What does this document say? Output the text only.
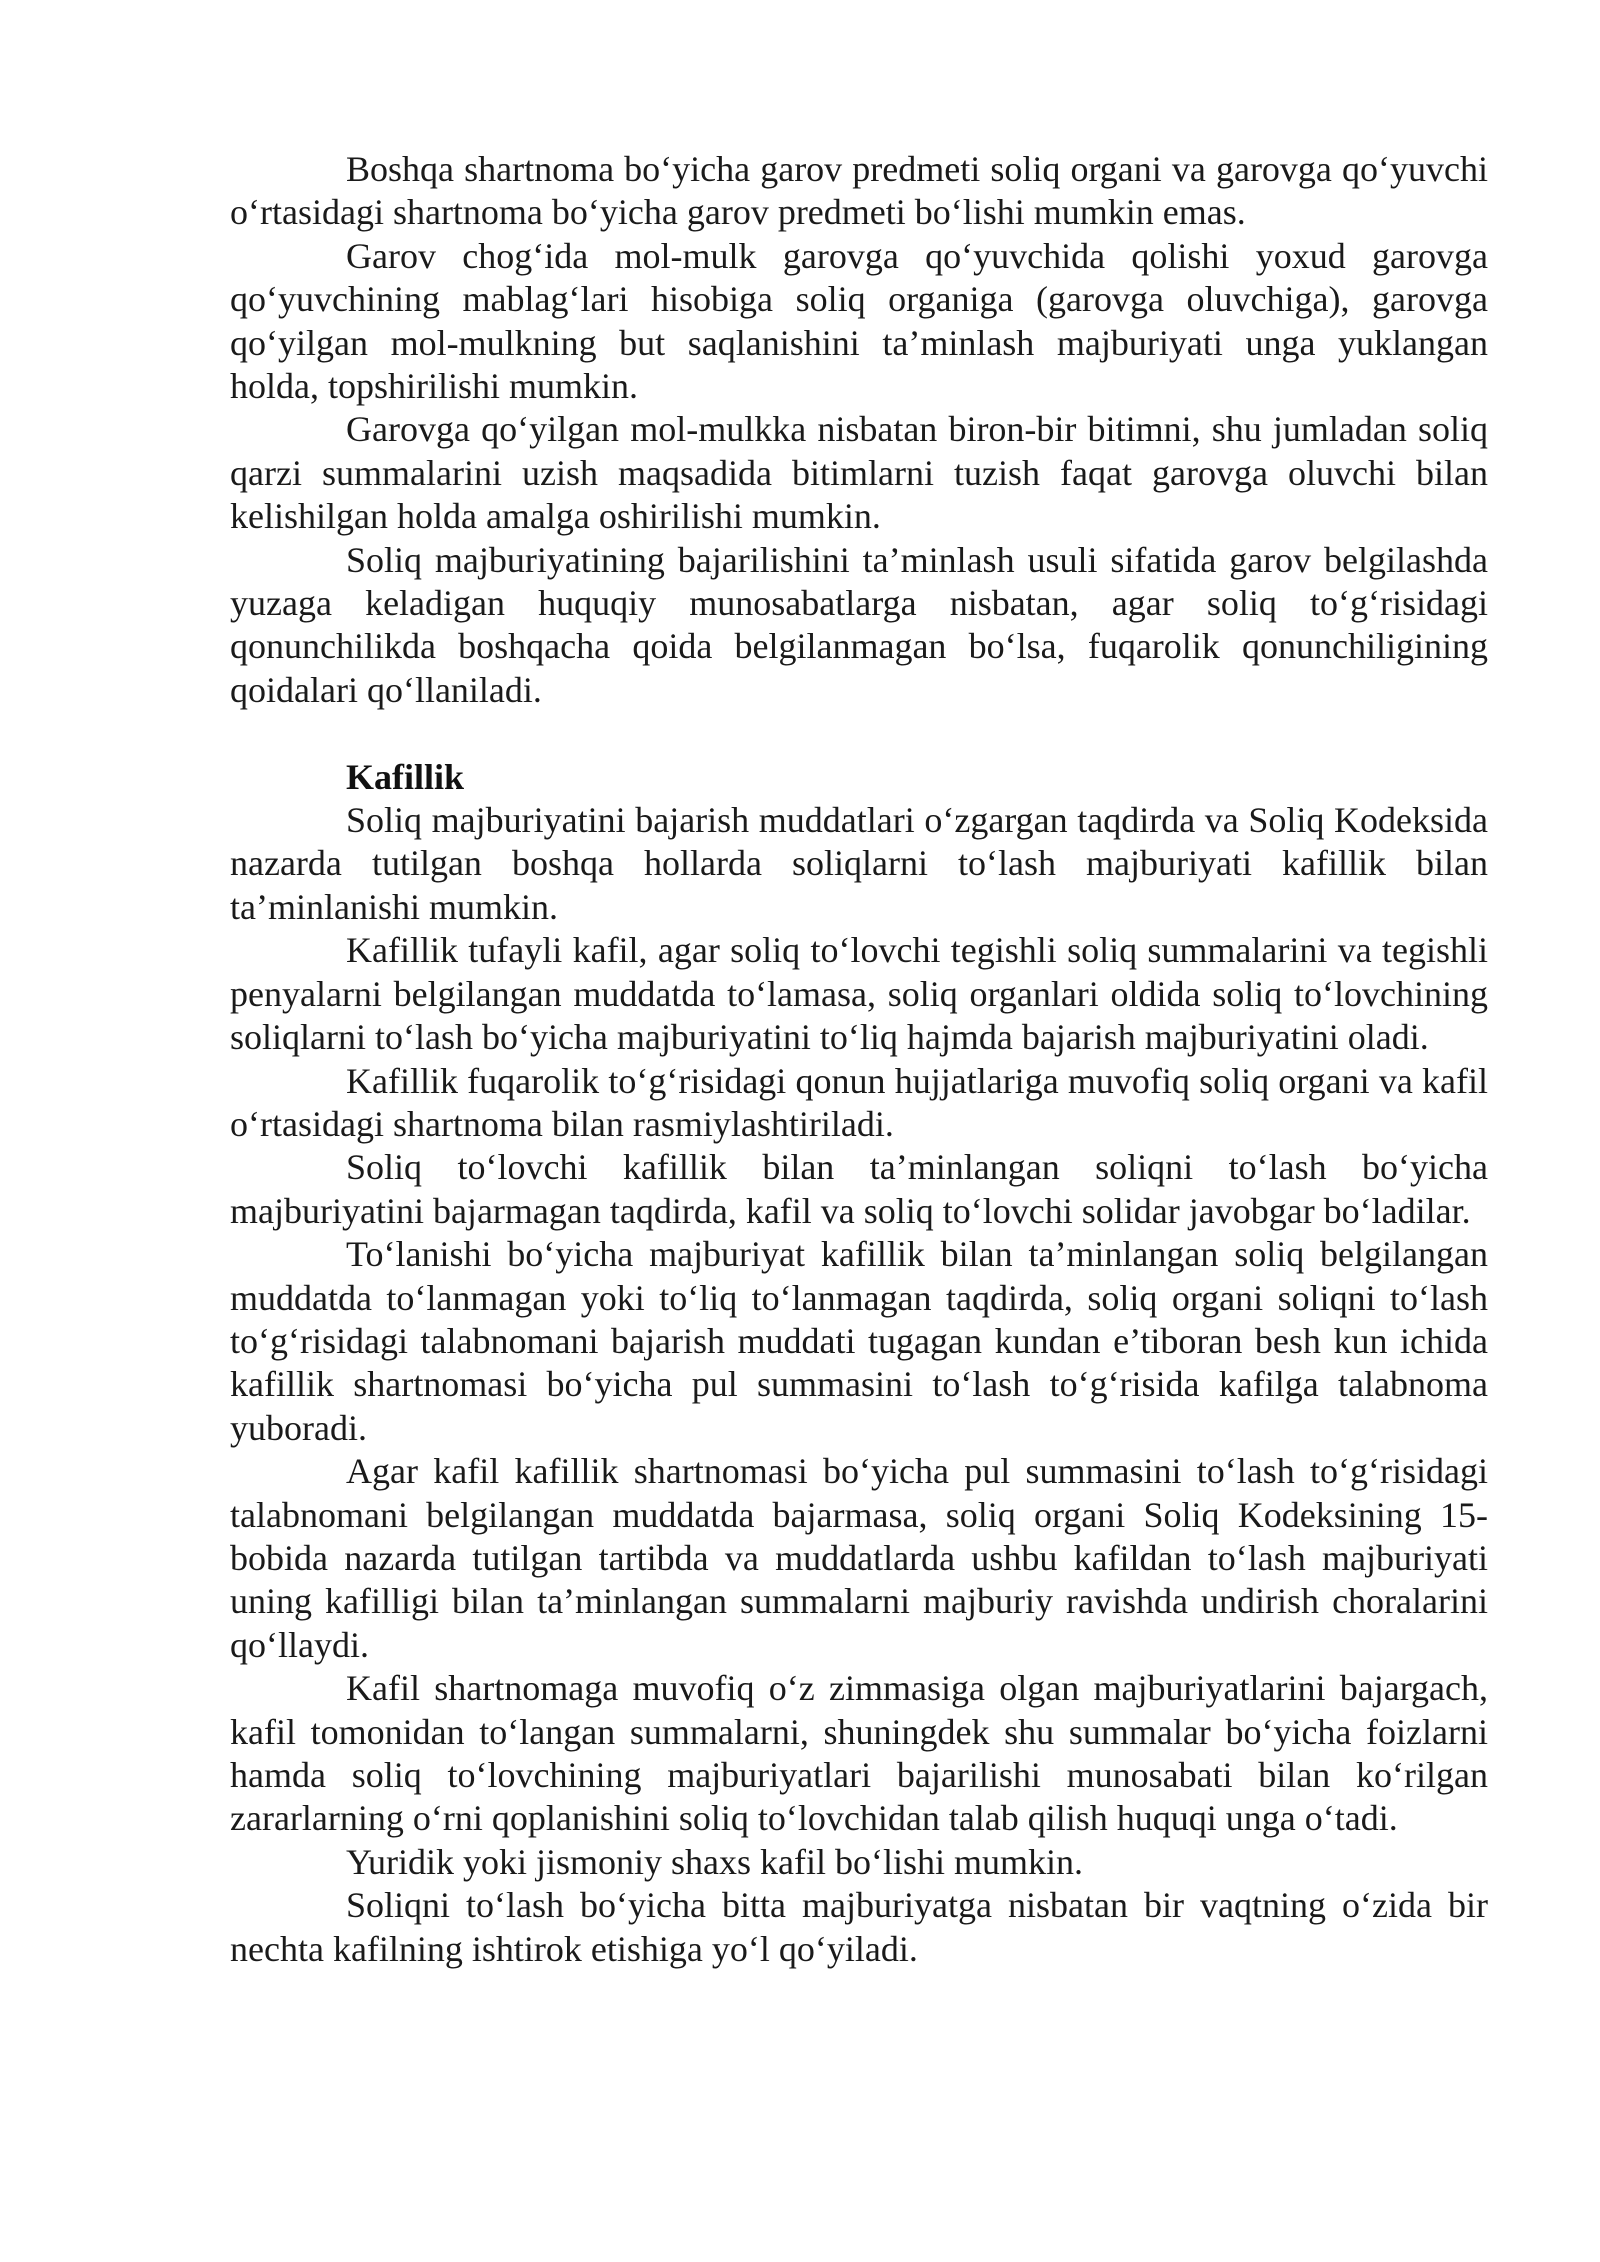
Boshqa shartnoma bo‘yicha garov predmeti soliq organi va garovga qo‘yuvchi o‘rtasidagi shartnoma bo‘yicha garov predmeti bo‘lishi mumkin emas.

Garov chog‘ida mol-mulk garovga qo‘yuvchida qolishi yoxud garovga qo‘yuvchining mablag‘lari hisobiga soliq organiga (garovga oluvchiga), garovga qo‘yilgan mol-mulkning but saqlanishini ta’minlash majburiyati unga yuklangan holda, topshirilishi mumkin.

Garovga qo‘yilgan mol-mulkka nisbatan biron-bir bitimni, shu jumladan soliq qarzi summalarini uzish maqsadida bitimlarni tuzish faqat garovga oluvchi bilan kelishilgan holda amalga oshirilishi mumkin.

Soliq majburiyatining bajarilishini ta’minlash usuli sifatida garov belgilashda yuzaga keladigan huquqiy munosabatlarga nisbatan, agar soliq to‘g‘risidagi qonunchilikda boshqacha qoida belgilanmagan bo‘lsa, fuqarolik qonunchiligining qoidalari qo‘llaniladi.

Kafillik

Soliq majburiyatini bajarish muddatlari o‘zgargan taqdirda va Soliq Kodeksida nazarda tutilgan boshqa hollarda soliqlarni to‘lash majburiyati kafillik bilan ta’minlanishi mumkin.

Kafillik tufayli kafil, agar soliq to‘lovchi tegishli soliq summalarini va tegishli penyalarni belgilangan muddatda to‘lamasa, soliq organlari oldida soliq to‘lovchining soliqlarni to‘lash bo‘yicha majburiyatini to‘liq hajmda bajarish majburiyatini oladi.

Kafillik fuqarolik to‘g‘risidagi qonun hujjatlariga muvofiq soliq organi va kafil o‘rtasidagi shartnoma bilan rasmiylashtiriladi.

Soliq to‘lovchi kafillik bilan ta’minlangan soliqni to‘lash bo‘yicha majburiyatini bajarmagan taqdirda, kafil va soliq to‘lovchi solidar javobgar bo‘ladilar.

To‘lanishi bo‘yicha majburiyat kafillik bilan ta’minlangan soliq belgilangan muddatda to‘lanmagan yoki to‘liq to‘lanmagan taqdirda, soliq organi soliqni to‘lash to‘g‘risidagi talabnomani bajarish muddati tugagan kundan e’tiboran besh kun ichida kafillik shartnomasi bo‘yicha pul summasini to‘lash to‘g‘risida kafilga talabnoma yuboradi.

Agar kafil kafillik shartnomasi bo‘yicha pul summasini to‘lash to‘g‘risidagi talabnomani belgilangan muddatda bajarmasa, soliq organi Soliq Kodeksining 15-bobida nazarda tutilgan tartibda va muddatlarda ushbu kafildan to‘lash majburiyati uning kafilligi bilan ta’minlangan summalarni majburiy ravishda undirish choralarini qo‘llaydi.

Kafil shartnomaga muvofiq o‘z zimmasiga olgan majburiyatlarini bajargach, kafil tomonidan to‘langan summalarni, shuningdek shu summalar bo‘yicha foizlarni hamda soliq to‘lovchining majburiyatlari bajarilishi munosabati bilan ko‘rilgan zararlarning o‘rni qoplanishini soliq to‘lovchidan talab qilish huquqi unga o‘tadi.

Yuridik yoki jismoniy shaxs kafil bo‘lishi mumkin.

Soliqni to‘lash bo‘yicha bitta majburiyatga nisbatan bir vaqtning o‘zida bir nechta kafilning ishtirok etishiga yo‘l qo‘yiladi.
